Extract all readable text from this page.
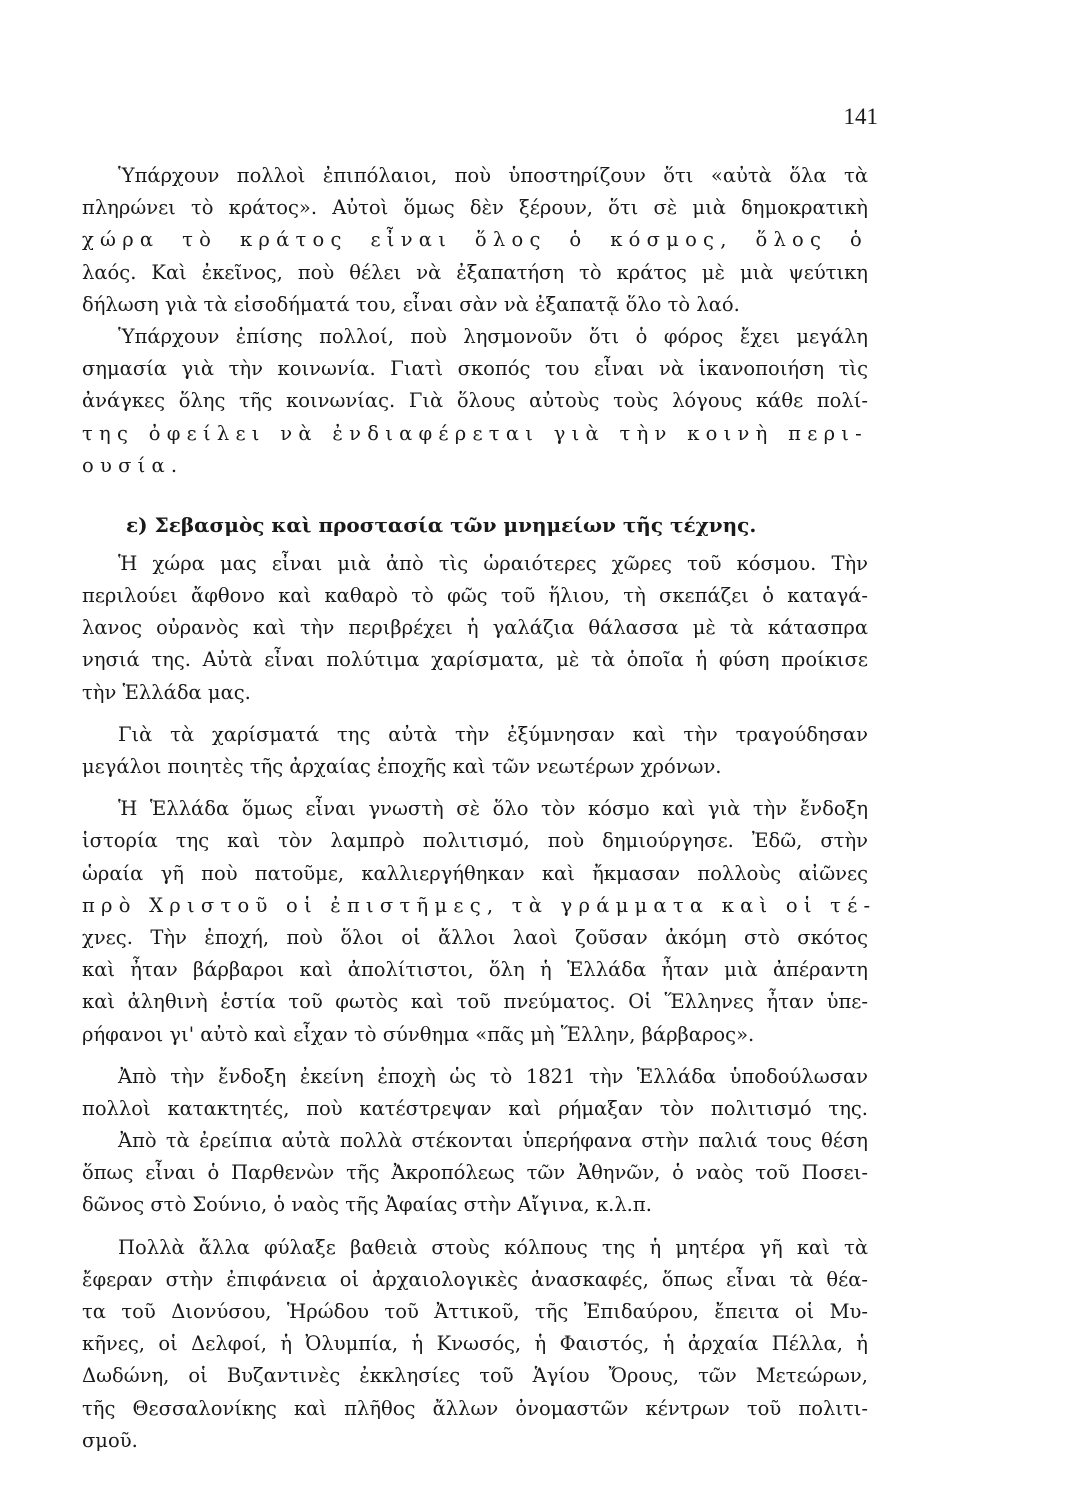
141
Ὑπάρχουν πολλοὶ ἐπιπόλαιοι, ποὺ ὑποστηρίζουν ὅτι «αὐτὰ ὅλα τὰ
πληρώνει τὸ κράτος». Αὐτοὶ ὅμως δὲν ξέρουν, ὅτι σὲ μιὰ δημοκρατικὴ
χώρα τὸ κράτος εἶναι ὅλος ὁ κόσμος, ὅλος ὁ
λαός. Καὶ ἐκεῖνος, ποὺ θέλει νὰ ἐξαπατήση τὸ κράτος μὲ μιὰ ψεύτικη
δήλωση γιὰ τὰ εἰσοδήματά του, εἶναι σὰν νὰ ἐξαπατᾷ ὅλο τὸ λαό.
Ὑπάρχουν ἐπίσης πολλοί, ποὺ λησμονοῦν ὅτι ὁ φόρος ἔχει μεγάλη
σημασία γιὰ τὴν κοινωνία. Γιατὶ σκοπός του εἶναι νὰ ἱκανοποιήση τὶς
ἀνάγκες ὅλης τῆς κοινωνίας. Γιὰ ὅλους αὐτοὺς τοὺς λόγους κάθε πολί-
της ὀφείλει νὰ ἐνδιαφέρεται γιὰ τὴν κοινὴ περι-
ουσία.
ε) Σεβασμὸς καὶ προστασία τῶν μνημείων τῆς τέχνης.
Ἡ χώρα μας εἶναι μιὰ ἀπὸ τὶς ὡραιότερες χῶρες τοῦ κόσμου. Τὴν
περιλούει ἄφθονο καὶ καθαρὸ τὸ φῶς τοῦ ἥλιου, τὴ σκεπάζει ὁ καταγά-
λανος οὐρανὸς καὶ τὴν περιβρέχει ἡ γαλάζια θάλασσα μὲ τὰ κάτασπρα
νησιά της. Αὐτὰ εἶναι πολύτιμα χαρίσματα, μὲ τὰ ὁποῖα ἡ φύση προίκισε
τὴν Ἑλλάδα μας.
Γιὰ τὰ χαρίσματά της αὐτὰ τὴν ἐξύμνησαν καὶ τὴν τραγούδησαν
μεγάλοι ποιητὲς τῆς ἀρχαίας ἐποχῆς καὶ τῶν νεωτέρων χρόνων.
Ἡ Ἑλλάδα ὅμως εἶναι γνωστὴ σὲ ὅλο τὸν κόσμο καὶ γιὰ τὴν ἔνδοξη
ἱστορία της καὶ τὸν λαμπρὸ πολιτισμό, ποὺ δημιούργησε. Ἐδῶ, στὴν
ὡραία γῆ ποὺ πατοῦμε, καλλιεργήθηκαν καὶ ἤκμασαν πολλοὺς αἰῶνες
πρὸ Χριστοῦ οἱ ἐπιστῆμες, τὰ γράμματα καὶ οἱ τέ-
χνες. Τὴν ἐποχή, ποὺ ὅλοι οἱ ἄλλοι λαοὶ ζοῦσαν ἀκόμη στὸ σκότος
καὶ ἦταν βάρβαροι καὶ ἀπολίτιστοι, ὅλη ἡ Ἑλλάδα ἦταν μιὰ ἀπέραντη
καὶ ἀληθινὴ ἑστία τοῦ φωτὸς καὶ τοῦ πνεύματος. Οἱ Ἕλληνες ἦταν ὑπε-
ρήφανοι γι' αὐτὸ καὶ εἶχαν τὸ σύνθημα «πᾶς μὴ Ἕλλην, βάρβαρος».
Ἀπὸ τὴν ἔνδοξη ἐκείνη ἐποχὴ ὡς τὸ 1821 τὴν Ἑλλάδα ὑποδούλωσαν
πολλοὶ κατακτητές, ποὺ κατέστρεψαν καὶ ρήμαξαν τὸν πολιτισμό της.
Ἀπὸ τὰ ἐρείπια αὐτὰ πολλὰ στέκονται ὑπερήφανα στὴν παλιά τους θέση
ὅπως εἶναι ὁ Παρθενὼν τῆς Ἀκροπόλεως τῶν Ἀθηνῶν, ὁ ναὸς τοῦ Ποσει-
δῶνος στὸ Σούνιο, ὁ ναὸς τῆς Ἀφαίας στὴν Αἴγινα, κ.λ.π.
Πολλὰ ἄλλα φύλαξε βαθειὰ στοὺς κόλπους της ἡ μητέρα γῆ καὶ τὰ
ἔφεραν στὴν ἐπιφάνεια οἱ ἀρχαιολογικὲς ἀνασκαφές, ὅπως εἶναι τὰ θέα-
τα τοῦ Διονύσου, Ἡρώδου τοῦ Ἀττικοῦ, τῆς Ἐπιδαύρου, ἔπειτα οἱ Μυ-
κῆνες, οἱ Δελφοί, ἡ Ὀλυμπία, ἡ Κνωσός, ἡ Φαιστός, ἡ ἀρχαία Πέλλα, ἡ
Δωδώνη, οἱ Βυζαντινὲς ἐκκλησίες τοῦ Ἁγίου Ὄρους, τῶν Μετεώρων,
τῆς Θεσσαλονίκης καὶ πλῆθος ἄλλων ὀνομαστῶν κέντρων τοῦ πολιτι-
σμοῦ.
